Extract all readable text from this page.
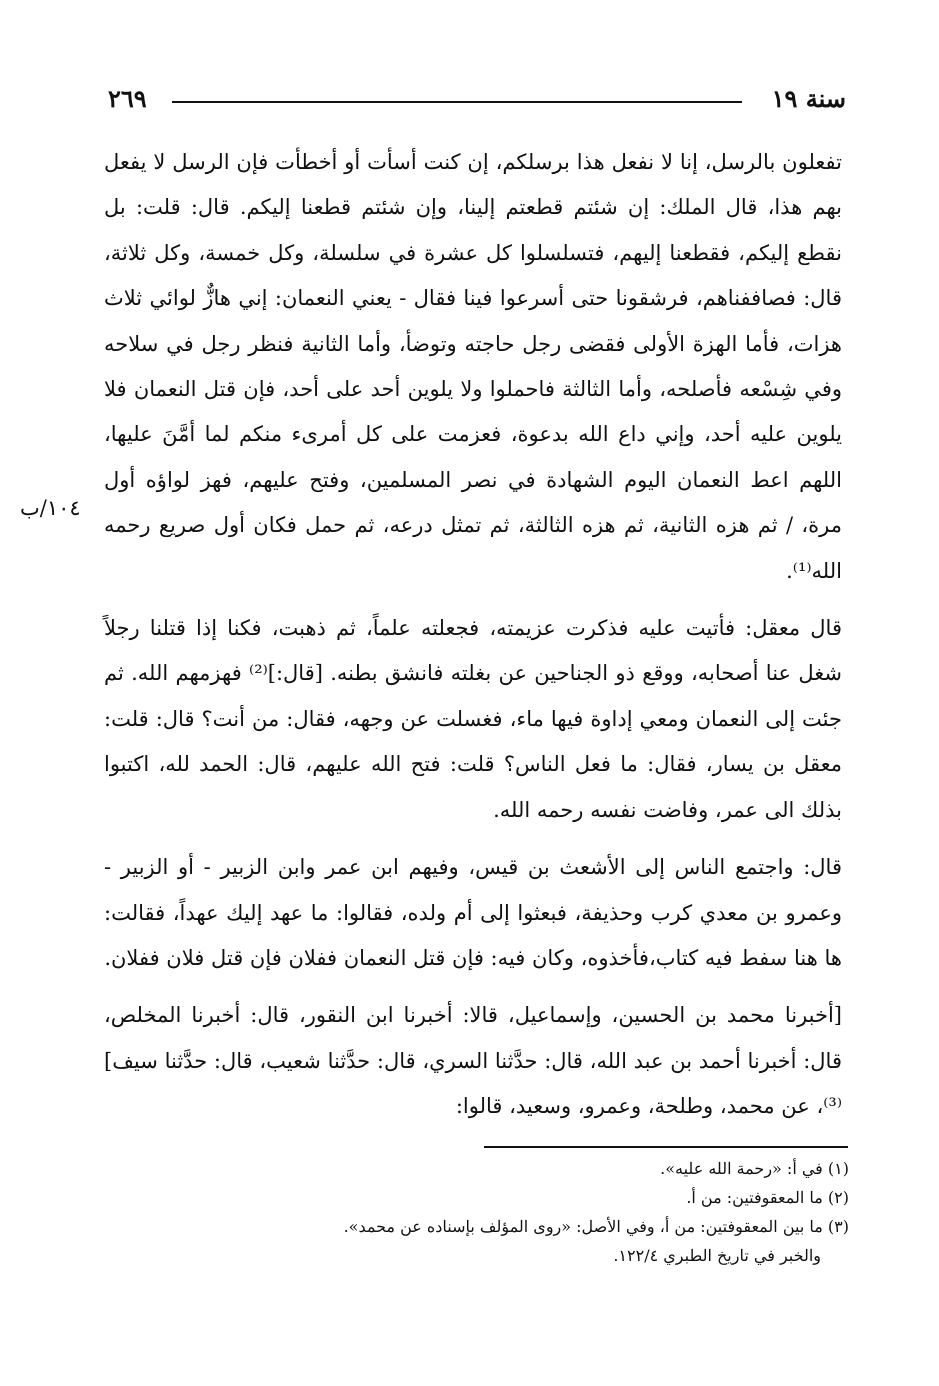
سنة ١٩
٢٦٩
١٠٤/ب

تفعلون بالرسل، إنا لا نفعل هذا برسلكم، إن كنت أسأت أو أخطأت فإن الرسل لا يفعل بهم هذا، قال الملك: إن شئتم قطعتم إلينا، وإن شئتم قطعنا إليكم. قال: قلت: بل نقطع إليكم، فقطعنا إليهم، فتسلسلوا كل عشرة في سلسلة، وكل خمسة، وكل ثلاثة، قال: فصاففناهم، فرشقونا حتى أسرعوا فينا فقال - يعني النعمان: إني هازٌّ لوائي ثلاث هزات، فأما الهزة الأولى فقضى رجل حاجته وتوضأ، وأما الثانية فنظر رجل في سلاحه وفي شِسْعه فأصلحه، وأما الثالثة فاحملوا ولا يلوين أحد على أحد، فإن قتل النعمان فلا يلوين عليه أحد، وإني داع الله بدعوة، فعزمت على كل أمرىء منكم لما أمَّنَ عليها، اللهم اعط النعمان اليوم الشهادة في نصر المسلمين، وفتح عليهم، فهز لواؤه أول مرة، / ثم هزه الثانية، ثم هزه الثالثة، ثم تمثل درعه، ثم حمل فكان أول صريع رحمه الله⁽¹⁾.

قال معقل: فأتيت عليه فذكرت عزيمته، فجعلته علماً، ثم ذهبت، فكنا إذا قتلنا رجلاً شغل عنا أصحابه، ووقع ذو الجناحين عن بغلته فانشق بطنه. [قال:]⁽²⁾ فهزمهم الله. ثم جئت إلى النعمان ومعي إداوة فيها ماء، فغسلت عن وجهه، فقال: من أنت؟ قال: قلت: معقل بن يسار، فقال: ما فعل الناس؟ قلت: فتح الله عليهم، قال: الحمد لله، اكتبوا بذلك الى عمر، وفاضت نفسه رحمه الله.

قال: واجتمع الناس إلى الأشعث بن قيس، وفيهم ابن عمر وابن الزبير - أو الزبير - وعمرو بن معدي كرب وحذيفة، فبعثوا إلى أم ولده، فقالوا: ما عهد إليك عهداً، فقالت: ها هنا سفط فيه كتاب،فأخذوه، وكان فيه: فإن قتل النعمان ففلان فإن قتل فلان ففلان.

[أخبرنا محمد بن الحسين، وإسماعيل، قالا: أخبرنا ابن النقور، قال: أخبرنا المخلص، قال: أخبرنا أحمد بن عبد الله، قال: حدَّثنا السري، قال: حدَّثنا شعيب، قال: حدَّثنا سيف]⁽³⁾، عن محمد، وطلحة، وعمرو، وسعيد، قالوا:

(١) في أ: «رحمة الله عليه».

(٢) ما المعقوفتين: من أ.

(٣) ما بين المعقوفتين: من أ، وفي الأصل: «روى المؤلف بإسناده عن محمد».

والخبر في تاريخ الطبري ١٢٢/٤.
